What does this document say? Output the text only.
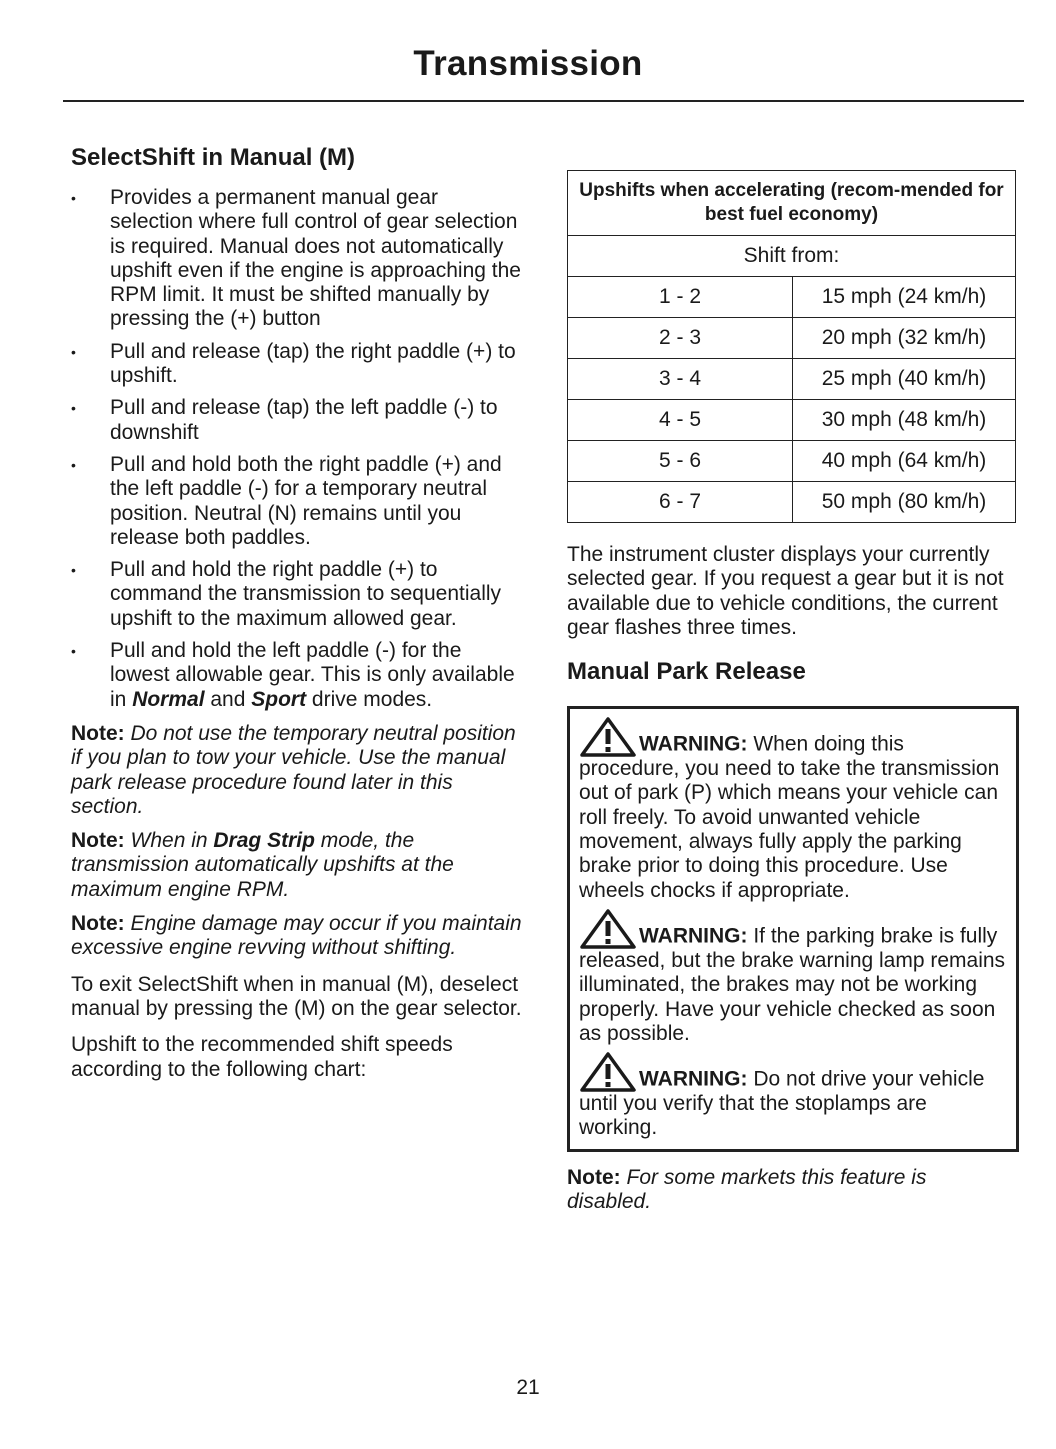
Transmission
SelectShift in Manual (M)
• Provides a permanent manual gear selection where full control of gear selection is required. Manual does not automatically upshift even if the engine is approaching the RPM limit. It must be shifted manually by pressing the (+) button
• Pull and release (tap) the right paddle (+) to upshift.
• Pull and release (tap) the left paddle (-) to downshift
• Pull and hold both the right paddle (+) and the left paddle (-) for a temporary neutral position. Neutral (N) remains until you release both paddles.
• Pull and hold the right paddle (+) to command the transmission to sequentially upshift to the maximum allowed gear.
• Pull and hold the left paddle (-) for the lowest allowable gear. This is only available in Normal and Sport drive modes.

Note: Do not use the temporary neutral position if you plan to tow your vehicle. Use the manual park release procedure found later in this section.

Note: When in Drag Strip mode, the transmission automatically upshifts at the maximum engine RPM.

Note: Engine damage may occur if you maintain excessive engine revving without shifting.

To exit SelectShift when in manual (M), deselect manual by pressing the (M) on the gear selector.

Upshift to the recommended shift speeds according to the following chart:

Upshifts when accelerating (recom-mended for best fuel economy)	
Shift from:	
1 - 2	15 mph (24 km/h)
2 - 3	20 mph (32 km/h)
3 - 4	25 mph (40 km/h)
4 - 5	30 mph (48 km/h)
5 - 6	40 mph (64 km/h)
6 - 7	50 mph (80 km/h)

The instrument cluster displays your currently selected gear. If you request a gear but it is not available due to vehicle conditions, the current gear flashes three times.

Manual Park Release
WARNING: When doing this procedure, you need to take the transmission out of park (P) which means your vehicle can roll freely. To avoid unwanted vehicle movement, always fully apply the parking brake prior to doing this procedure. Use wheels chocks if appropriate.
WARNING: If the parking brake is fully released, but the brake warning lamp remains illuminated, the brakes may not be working properly. Have your vehicle checked as soon as possible.
WARNING: Do not drive your vehicle until you verify that the stoplamps are working.

Note: For some markets this feature is disabled.

21
